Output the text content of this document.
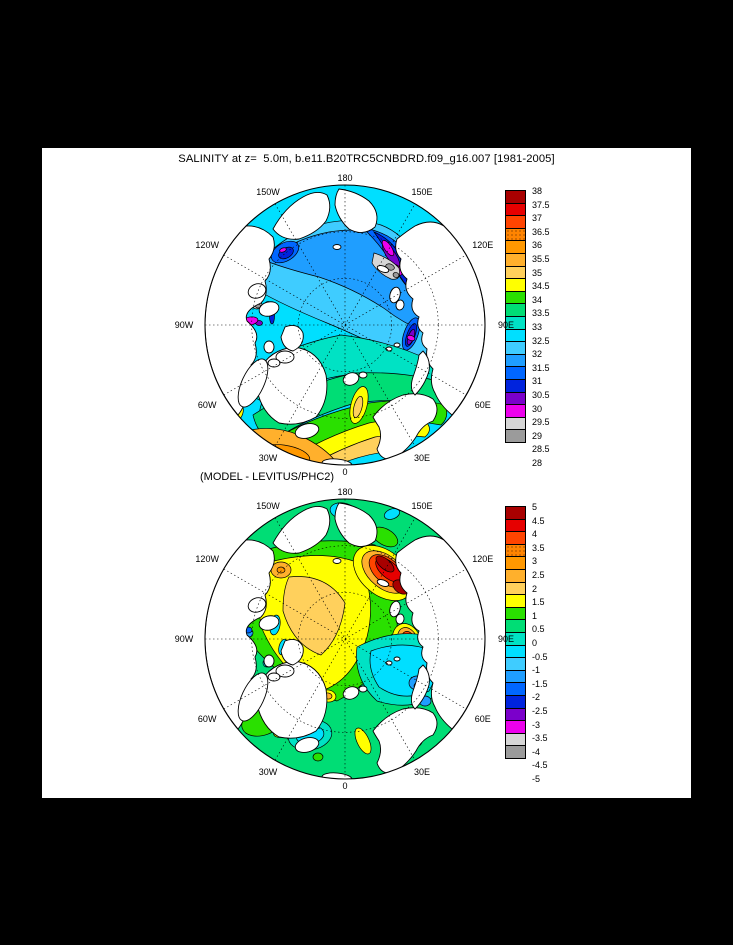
SALINITY at z=  5.0m, b.e11.B20TRC5CNBDRD.f09_g16.007 [1981-2005]
(MODEL - LEVITUS/PHC2)
38
37.5
37
36.5
36
35.5
35
34.5
34
33.5
33
32.5
32
31.5
31
30.5
30
29.5
29
28.5
28
5
4.5
4
3.5
3
2.5
2
1.5
1
0.5
0
-0.5
-1
-1.5
-2
-2.5
-3
-3.5
-4
-4.5
-5
180
150E
120E
90E
60E
30E
0
30W
60W
90W
120W
150W
180
150E
120E
90E
60E
30E
0
30W
60W
90W
120W
150W
